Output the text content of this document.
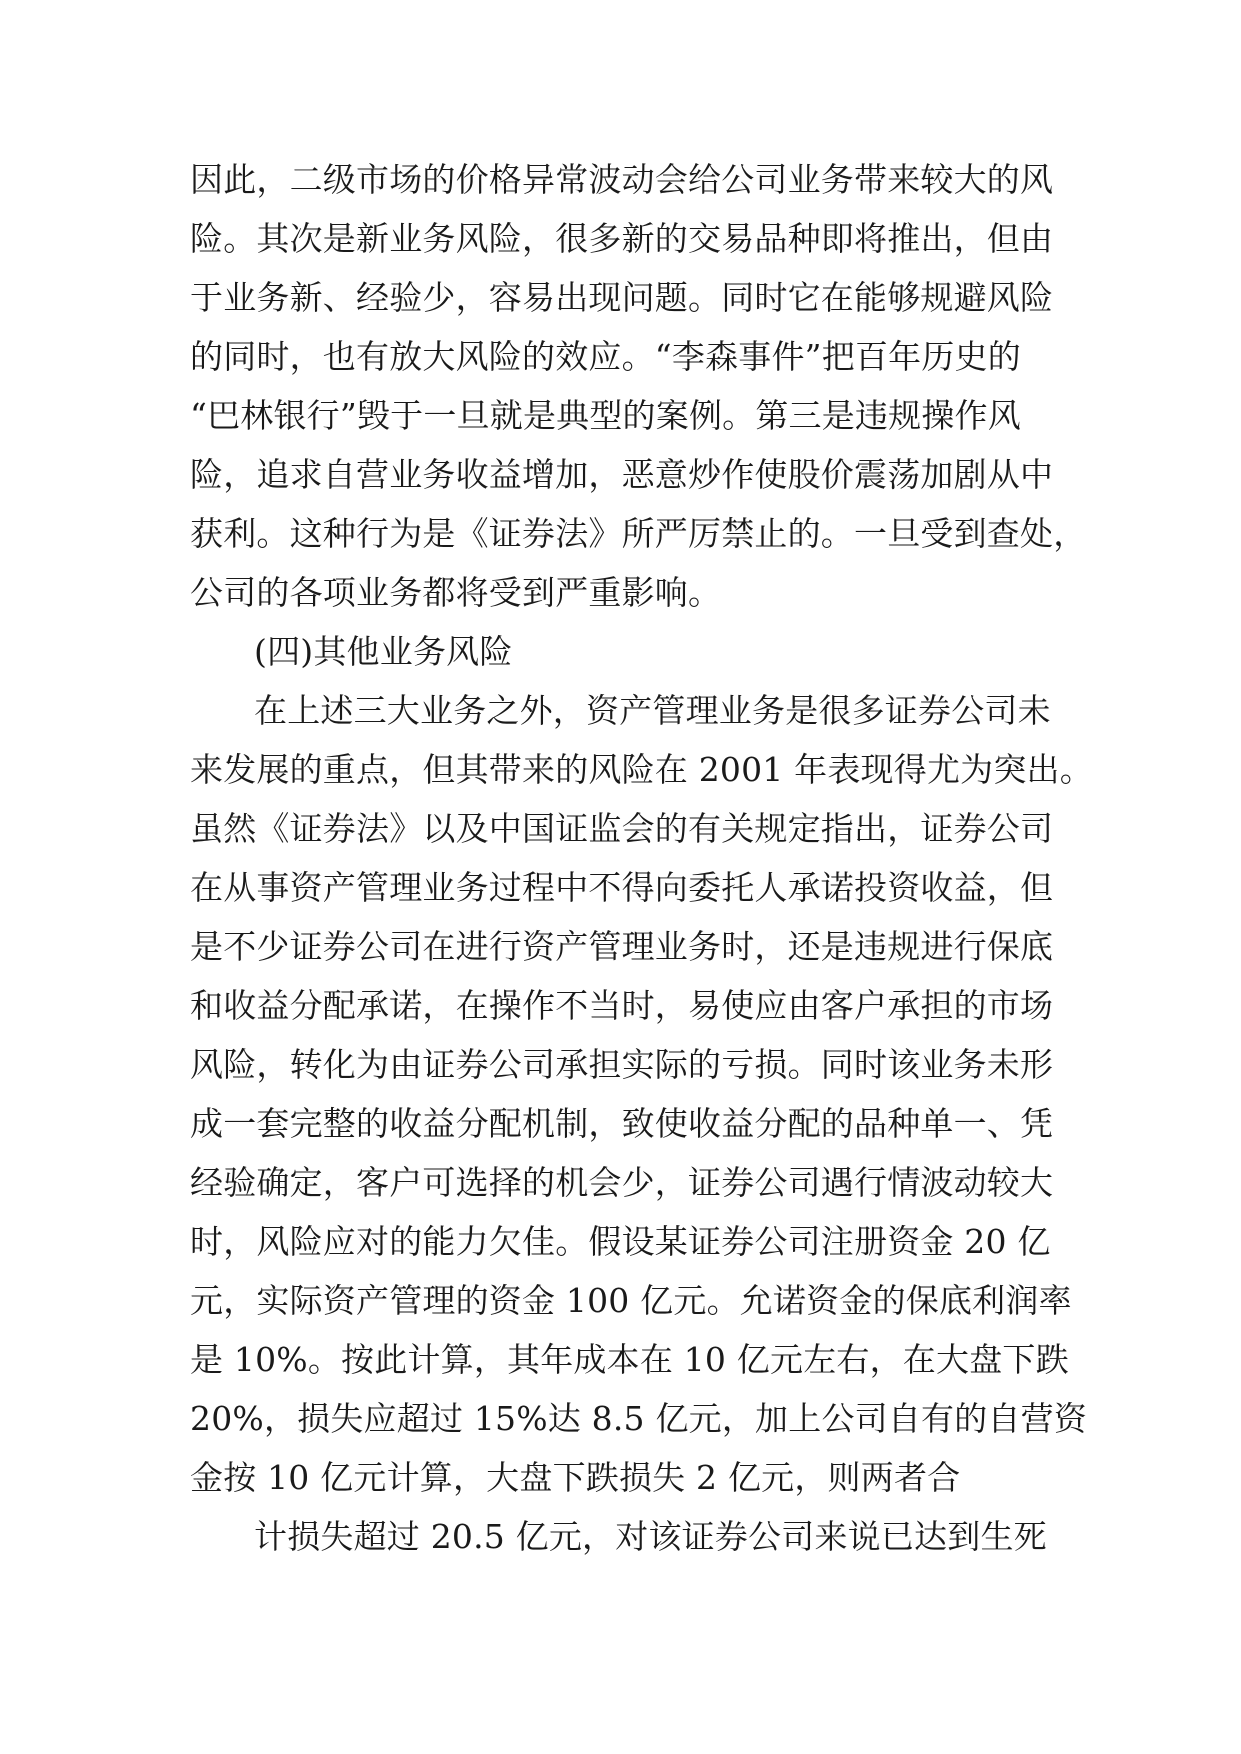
因此，二级市场的价格异常波动会给公司业务带来较大的风
险。其次是新业务风险，很多新的交易品种即将推出，但由
于业务新、经验少，容易出现问题。同时它在能够规避风险
的同时，也有放大风险的效应。“李森事件”把百年历史的
“巴林银行”毁于一旦就是典型的案例。第三是违规操作风
险，追求自营业务收益增加，恶意炒作使股价震荡加剧从中
获利。这种行为是《证券法》所严厉禁止的。一旦受到查处，
公司的各项业务都将受到严重影响。
(四)其他业务风险
在上述三大业务之外，资产管理业务是很多证券公司未
来发展的重点，但其带来的风险在 2001 年表现得尤为突出。
虽然《证券法》以及中国证监会的有关规定指出，证券公司
在从事资产管理业务过程中不得向委托人承诺投资收益，但
是不少证券公司在进行资产管理业务时，还是违规进行保底
和收益分配承诺，在操作不当时，易使应由客户承担的市场
风险，转化为由证券公司承担实际的亏损。同时该业务未形
成一套完整的收益分配机制，致使收益分配的品种单一、凭
经验确定，客户可选择的机会少，证券公司遇行情波动较大
时，风险应对的能力欠佳。假设某证券公司注册资金 20 亿
元，实际资产管理的资金 100 亿元。允诺资金的保底利润率
是 10%。按此计算，其年成本在 10 亿元左右，在大盘下跌
20%，损失应超过 15%达 8.5 亿元，加上公司自有的自营资
金按 10 亿元计算，大盘下跌损失 2 亿元，则两者合
计损失超过 20.5 亿元，对该证券公司来说已达到生死
